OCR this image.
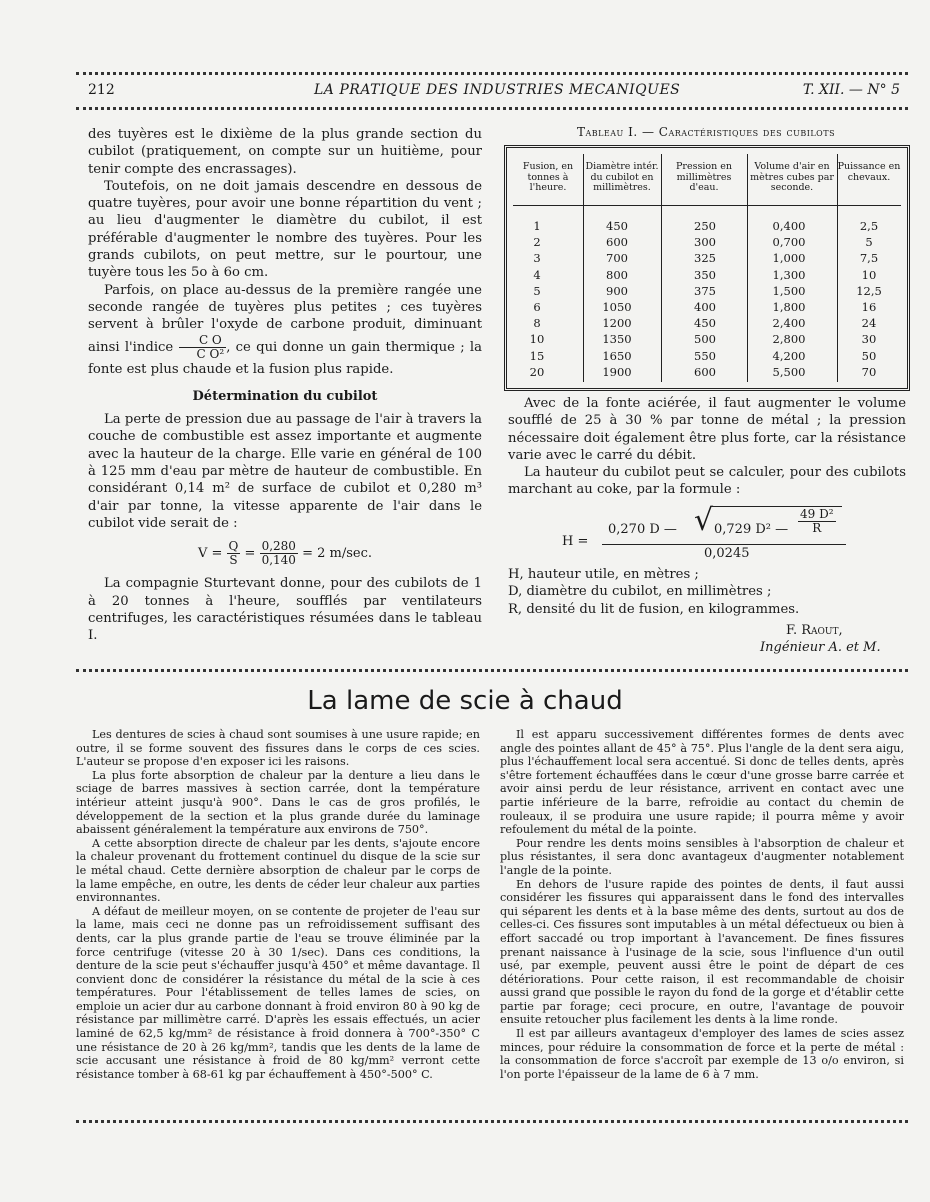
212	LA PRATIQUE DES INDUSTRIES MECANIQUES	T. XII. — N° 5

des tuyères est le dixième de la plus grande section du cubilot (pratiquement, on compte sur un huitième, pour tenir compte des encrassages).

Toutefois, on ne doit jamais descendre en dessous de quatre tuyères, pour avoir une bonne répartition du vent ; au lieu d'augmenter le diamètre du cubilot, il est préférable d'augmenter le nombre des tuyères. Pour les grands cubilots, on peut mettre, sur le pourtour, une tuyère tous les 5o à 6o cm.

Parfois, on place au-dessus de la première rangée une seconde rangée de tuyères plus petites ; ces tuyères servent à brûler l'oxyde de carbone produit, diminuant ainsi l'indice $\frac{\text{C O}}{\text{C O²}}$ , ce qui donne un gain thermique ; la fonte est plus chaude et la fusion plus rapide.

Détermination du cubilot

La perte de pression due au passage de l'air à travers la couche de combustible est assez importante et augmente avec la hauteur de la charge. Elle varie en général de 100 à 125 mm d'eau par mètre de hauteur de combustible. En considérant 0,14 m² de surface de cubilot et 0,280 m³ d'air par tonne, la vitesse apparente de l'air dans le cubilot vide serait de :

$V = \frac{Q}{S} = \frac{0,280}{0,140} = 2$ m/sec.

La compagnie Sturtevant donne, pour des cubilots de 1 à 20 tonnes à l'heure, soufflés par ventilateurs centrifuges, les caractéristiques résumées dans le tableau I.

Tableau I. — Caractéristiques des cubilots
Fusion, en tonnes à l'heure.
Diamètre intér. du cubilot en millimètres.
Pression en millimètres d'eau.
Volume d'air en mètres cubes par seconde.
Puissance en chevaux.
1
2
3
4
5
6
8
10
15
20
450
600
700
800
900
1050
1200
1350
1650
1900
250
300
325
350
375
400
450
500
550
600
0,400
0,700
1,000
1,300
1,500
1,800
2,400
2,800
4,200
5,500
2,5
5
7,5
10
12,5
16
24
30
50
70

Avec de la fonte aciérée, il faut augmenter le volume soufflé de 25 à 30 % par tonne de métal ; la pression nécessaire doit également être plus forte, car la résistance varie avec le carré du débit.

La hauteur du cubilot peut se calculer, pour des cubilots marchant au coke, par la formule :

H =
0,270 D — √ 0,729 D² — $\frac{\text{49 D²}}{R}$
0,0245

H, hauteur utile, en mètres ;

D, diamètre du cubilot, en millimètres ;

R, densité du lit de fusion, en kilogrammes.

F. Raout,
Ingénieur A. et M.
La lame de scie à chaud

Les dentures de scies à chaud sont soumises à une usure rapide; en outre, il se forme souvent des fissures dans le corps de ces scies. L'auteur se propose d'en exposer ici les raisons.

La plus forte absorption de chaleur par la denture a lieu dans le sciage de barres massives à section carrée, dont la température intérieur atteint jusqu'à 900°. Dans le cas de gros profilés, le développement de la section et la plus grande durée du laminage abaissent généralement la température aux environs de 750°.

A cette absorption directe de chaleur par les dents, s'ajoute encore la chaleur provenant du frottement continuel du disque de la scie sur le métal chaud. Cette dernière absorption de chaleur par le corps de la lame empêche, en outre, les dents de céder leur chaleur aux parties environnantes.

A défaut de meilleur moyen, on se contente de projeter de l'eau sur la lame, mais ceci ne donne pas un refroidissement suffisant des dents, car la plus grande partie de l'eau se trouve éliminée par la force centrifuge (vitesse 20 à 30 1/sec). Dans ces conditions, la denture de la scie peut s'échauffer jusqu'à 450° et même davantage. Il convient donc de considérer la résistance du métal de la scie à ces températures. Pour l'établissement de telles lames de scies, on emploie un acier dur au carbone donnant à froid environ 80 à 90 kg de résistance par millimètre carré. D'après les essais effectués, un acier laminé de 62,5 kg/mm² de résistance à froid donnera à 700°-350° C une résistance de 20 à 26 kg/mm², tandis que les dents de la lame de scie accusant une résistance à froid de 80 kg/mm² verront cette résistance tomber à 68-61 kg par échauffement à 450°-500° C.

Il est apparu successivement différentes formes de dents avec angle des pointes allant de 45° à 75°. Plus l'angle de la dent sera aigu, plus l'échauffement local sera accentué. Si donc de telles dents, après s'être fortement échauffées dans le cœur d'une grosse barre carrée et avoir ainsi perdu de leur résistance, arrivent en contact avec une partie inférieure de la barre, refroidie au contact du chemin de rouleaux, il se produira une usure rapide; il pourra même y avoir refoulement du métal de la pointe.

Pour rendre les dents moins sensibles à l'absorption de chaleur et plus résistantes, il sera donc avantageux d'augmenter notablement l'angle de la pointe.

En dehors de l'usure rapide des pointes de dents, il faut aussi considérer les fissures qui apparaissent dans le fond des intervalles qui séparent les dents et à la base même des dents, surtout au dos de celles-ci. Ces fissures sont imputables à un métal défectueux ou bien à effort saccadé ou trop important à l'avancement. De fines fissures prenant naissance à l'usinage de la scie, sous l'influence d'un outil usé, par exemple, peuvent aussi être le point de départ de ces détériorations. Pour cette raison, il est recommandable de choisir aussi grand que possible le rayon du fond de la gorge et d'établir cette partie par forage; ceci procure, en outre, l'avantage de pouvoir ensuite retoucher plus facilement les dents à la lime ronde.

Il est par ailleurs avantageux d'employer des lames de scies assez minces, pour réduire la consommation de force et la perte de métal : la consommation de force s'accroît par exemple de 13 o/o environ, si l'on porte l'épaisseur de la lame de 6 à 7 mm.
